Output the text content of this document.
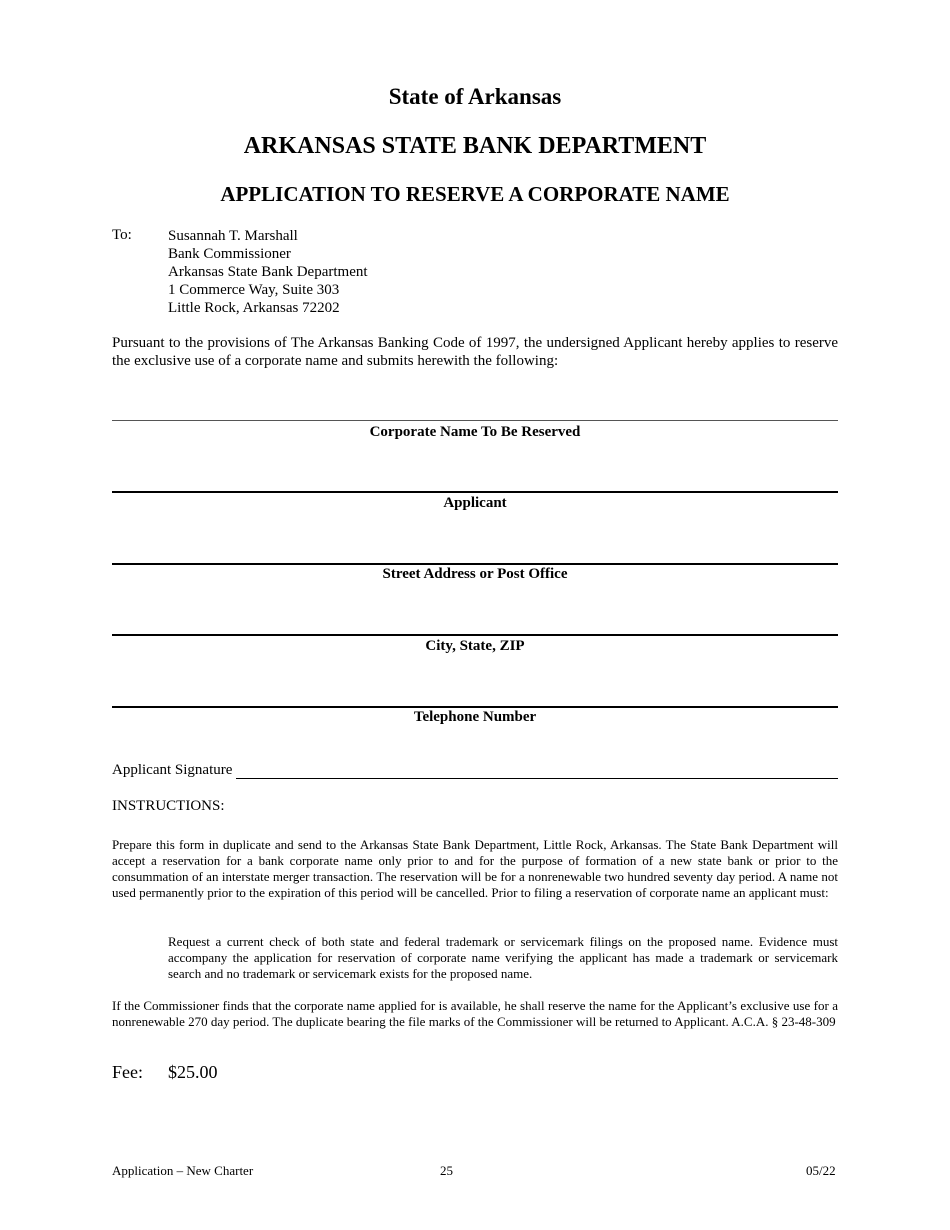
State of Arkansas
ARKANSAS STATE BANK DEPARTMENT
APPLICATION TO RESERVE A CORPORATE NAME
To: Susannah T. Marshall
Bank Commissioner
Arkansas State Bank Department
1 Commerce Way, Suite 303
Little Rock, Arkansas 72202
Pursuant to the provisions of The Arkansas Banking Code of 1997, the undersigned Applicant hereby applies to reserve the exclusive use of a corporate name and submits herewith the following:
Corporate Name To Be Reserved
Applicant
Street Address or Post Office
City, State, ZIP
Telephone Number
Applicant Signature
INSTRUCTIONS:
Prepare this form in duplicate and send to the Arkansas State Bank Department, Little Rock, Arkansas. The State Bank Department will accept a reservation for a bank corporate name only prior to and for the purpose of formation of a new state bank or prior to the consummation of an interstate merger transaction. The reservation will be for a nonrenewable two hundred seventy day period. A name not used permanently prior to the expiration of this period will be cancelled. Prior to filing a reservation of corporate name an applicant must:
Request a current check of both state and federal trademark or servicemark filings on the proposed name. Evidence must accompany the application for reservation of corporate name verifying the applicant has made a trademark or servicemark search and no trademark or servicemark exists for the proposed name.
If the Commissioner finds that the corporate name applied for is available, he shall reserve the name for the Applicant’s exclusive use for a nonrenewable 270 day period. The duplicate bearing the file marks of the Commissioner will be returned to Applicant. A.C.A. § 23-48-309
Fee: $25.00
Application – New Charter	25	05/22
